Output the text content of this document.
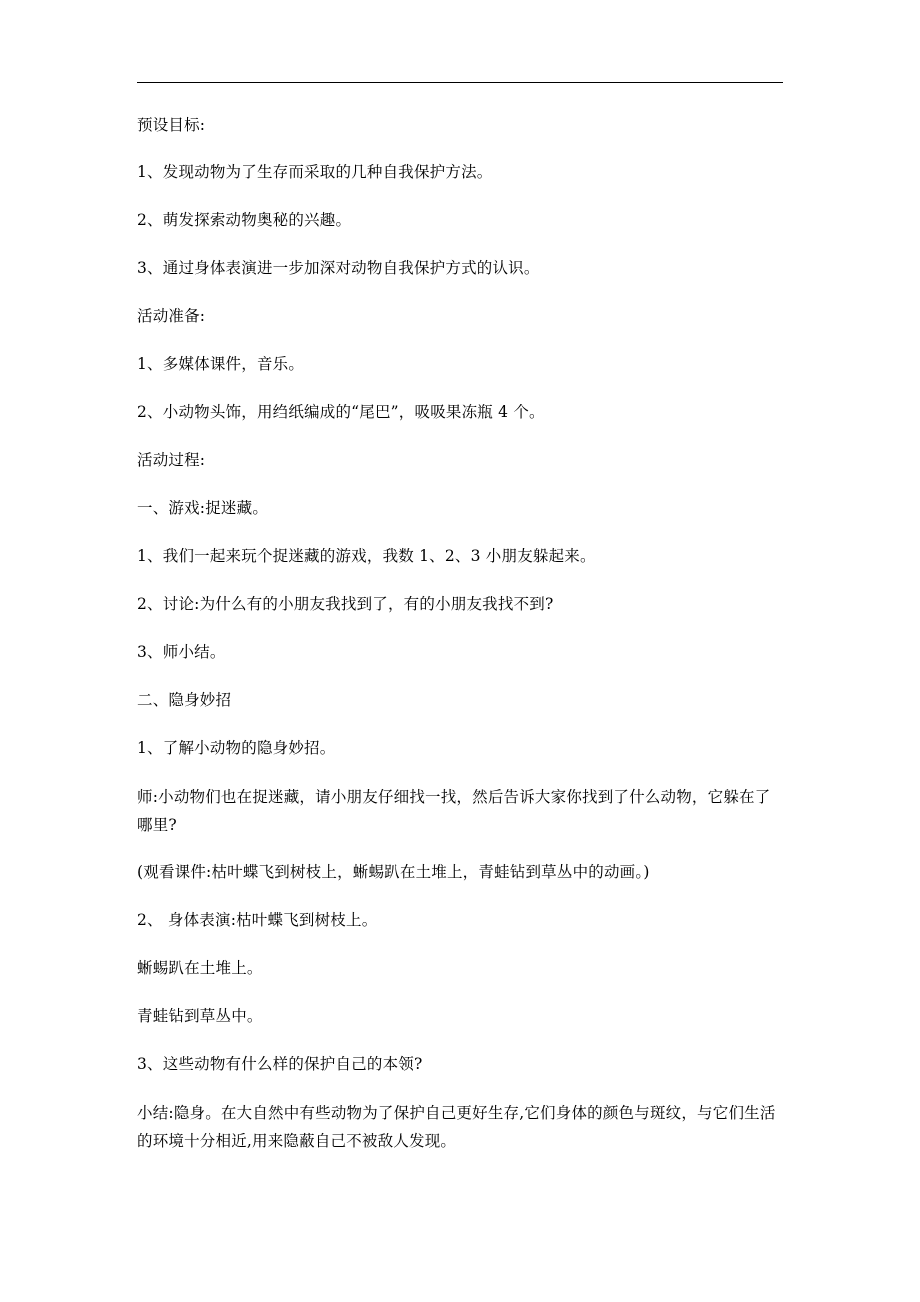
预设目标:
1、发现动物为了生存而采取的几种自我保护方法。
2、萌发探索动物奥秘的兴趣。
3、通过身体表演进一步加深对动物自我保护方式的认识。
活动准备:
1、多媒体课件，音乐。
2、小动物头饰，用绉纸编成的“尾巴”，吸吸果冻瓶 4 个。
活动过程:
一、游戏:捉迷藏。
1、我们一起来玩个捉迷藏的游戏，我数 1、2、3 小朋友躲起来。
2、讨论:为什么有的小朋友我找到了，有的小朋友我找不到?
3、师小结。
二、隐身妙招
1、了解小动物的隐身妙招。
师:小动物们也在捉迷藏，请小朋友仔细找一找，然后告诉大家你找到了什么动物，它躲在了哪里?
(观看课件:枯叶蝶飞到树枝上，蜥蜴趴在土堆上，青蛙钻到草丛中的动画。)
2、 身体表演:枯叶蝶飞到树枝上。
蜥蜴趴在土堆上。
青蛙钻到草丛中。
3、这些动物有什么样的保护自己的本领?
小结:隐身。在大自然中有些动物为了保护自己更好生存,它们身体的颜色与斑纹，与它们生活的环境十分相近,用来隐蔽自己不被敌人发现。
